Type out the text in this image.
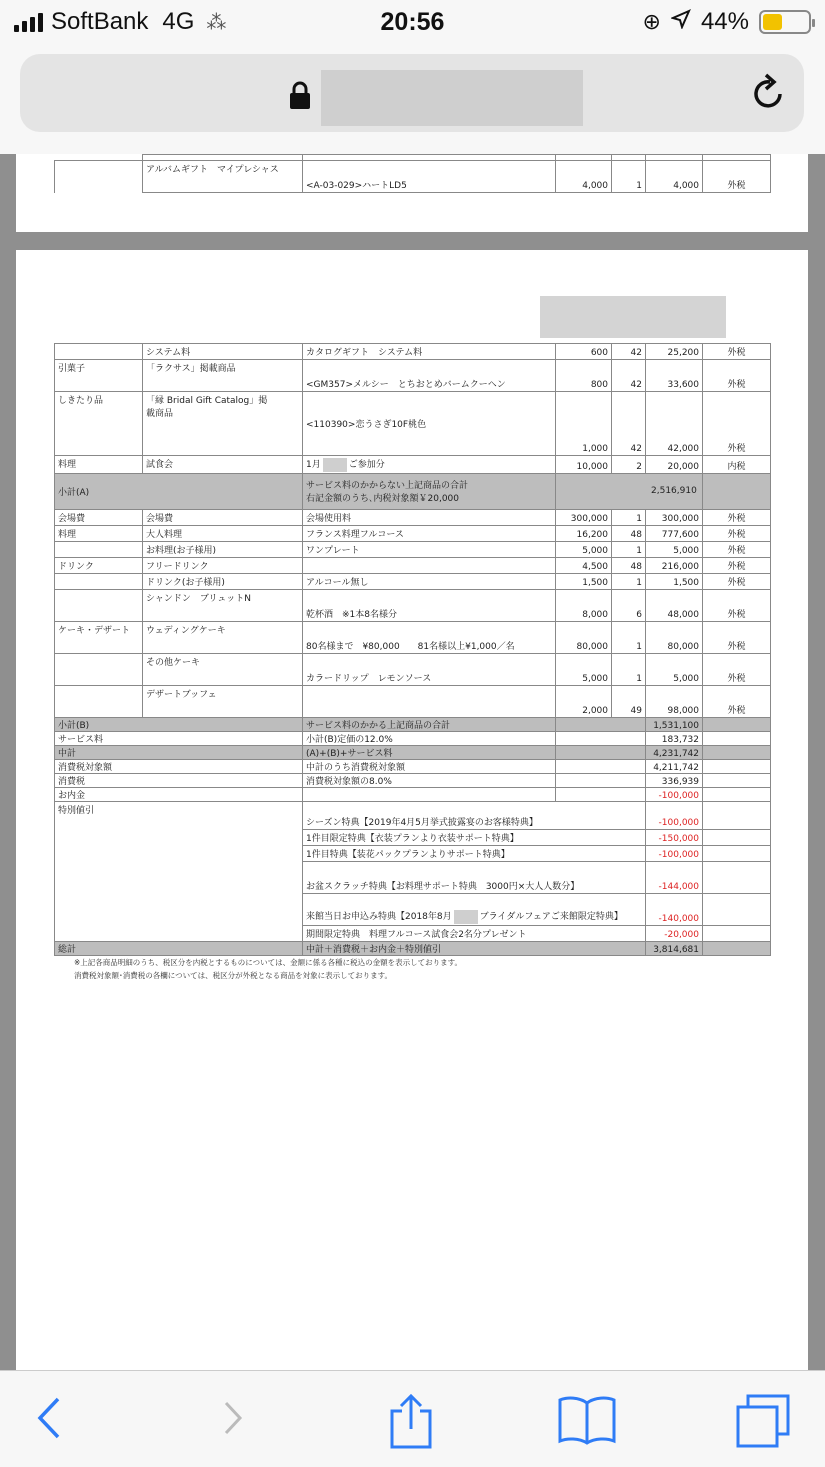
SoftBank 4G ⁂	20:56	⊕ 44%

	アルバムギフト　マイプレシャス	<A-03-029>ハートLD5	4,000	1	4,000	外税
	システム料	カタログギフト　システム料	600	42	25,200	外税
引菓子	「ラクサス」掲載商品	<GM357>メルシー　とちおとめバームクーヘン	800	42	33,600	外税
しきたり品	「縁 Bridal Gift Catalog」掲
載商品	<110390>恋うさぎ10F桃色	1,000	42	42,000	外税
料理	試食会	1月 ご参加分	10,000	2	20,000	内税
小計(A)		サービス料のかからない上記商品の合計
右記金額のうち､内税対象額￥20,000	2,516,910			
会場費	会場費	会場使用料	300,000	1	300,000	外税
料理	大人料理	フランス料理フルコース	16,200	48	777,600	外税
	お料理(お子様用)	ワンプレート	5,000	1	5,000	外税
ドリンク	フリードリンク		4,500	48	216,000	外税
	ドリンク(お子様用)	アルコール無し	1,500	1	1,500	外税
	シャンドン　ブリュットN	乾杯酒　※1本8名様分	8,000	6	48,000	外税
ケーキ・デザート	ウェディングケーキ	80名様まで　¥80,000　　81名様以上¥1,000／名	80,000	1	80,000	外税
	その他ケーキ	カラードリップ　レモンソース	5,000	1	5,000	外税
	デザートブッフェ		2,000	49	98,000	外税
小計(B)		サービス料のかかる上記商品の合計			1,531,100	
サービス料		小計(B)定価の12.0%			183,732	
中計		(A)+(B)+サービス料			4,231,742	
消費税対象額		中計のうち消費税対象額			4,211,742	
消費税		消費税対象額の8.0%			336,939	
お内金					-100,000	
特別値引		シーズン特典【2019年4月5月挙式披露宴のお客様特典】			-100,000	
		1件目限定特典【衣装プランより衣装サポート特典】			-150,000	
		1件目特典【装花パックプランよりサポート特典】			-100,000	
		お盆スクラッチ特典【お料理サポート特典　3000円×大人人数分】			-144,000	
		来館当日お申込み特典【2018年8月 ブライダルフェアご来館限定特典】			-140,000	
		期間限定特典　料理フルコース試食会2名分プレゼント			-20,000	
総計		中計＋消費税＋お内金＋特別値引			3,814,681	
※上記各商品明細のうち、税区分を内税とするものについては、金額に係る各種に税込の金額を表示しております。
消費税対象額･消費税の各欄については、税区分が外税となる商品を対象に表示しております。
